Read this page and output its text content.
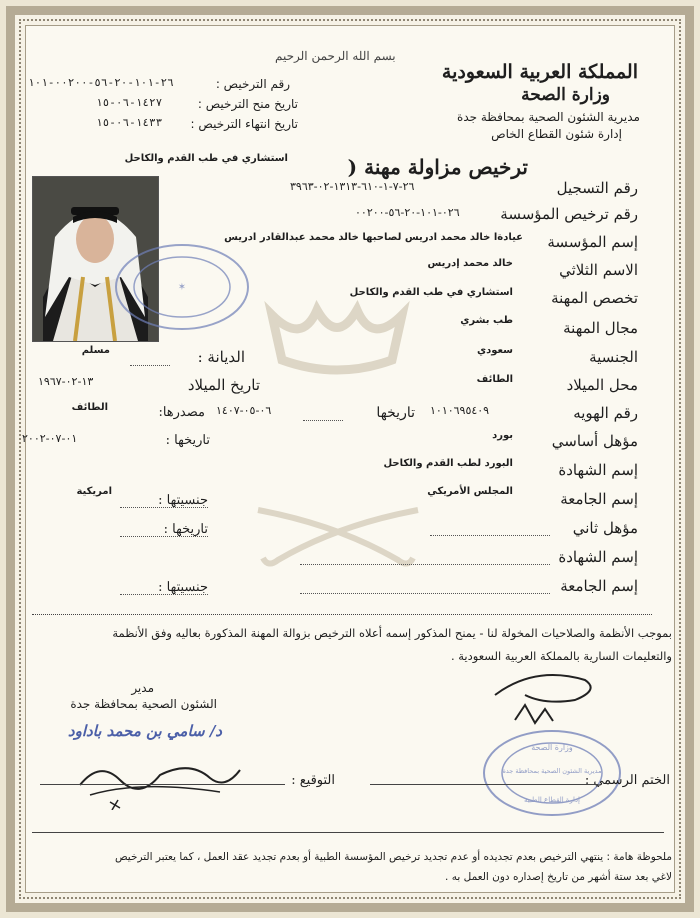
بسم الله الرحمن الرحيم
المملكة العربية السعودية
وزارة الصحة
مديرية الشئون الصحية بمحافظة جدة
إدارة شئون القطاع الخاص
رقم الترخيص :
٢٦-١٠١-٢٠-٥٦-٠٠٢٠٠-١٠١
تاريخ منح الترخيص :
١٤٢٧-٠٦-١٥
تاريخ انتهاء الترخيص :
١٤٣٣-٠٦-١٥
ترخيص مزاولة مهنة (
استشاري في طب القدم والكاحل
✶
رقم التسجيل
٢٦-٧-١-٦١٠-١٣١٣-٠٢-٣٩٦٣
رقم ترخيص المؤسسة
٠٢٦-١٠١-٢٠-٥٦-٠٠٢٠٠
إسم المؤسسة
عيادةا خالد محمد ادريس لصاحبها خالد محمد عبدالقادر ادريس
الاسم الثلاثي
خالد محمد إدريس
تخصص المهنة
استشاري في طب القدم والكاحل
مجال المهنة
طب بشري
الجنسية
سعودي
محل الميلاد
الطائف
رقم الهويه
١٠١٠٦٩٥٤٠٩
تاريخها
٠٦-٠٥-١٤٠٧
مصدرها:
الطائف
الديانة :
مسلم
تاريخ الميلاد
١٣-٠٢-١٩٦٧
مؤهل أساسي
بورد
تاريخها :
٠١-٠٧-٢٠٠٢
إسم الشهادة
البورد لطب القدم والكاحل
إسم الجامعة
المجلس الأمريكي
جنسيتها :
امريكية
مؤهل ثاني
تاريخها :
إسم الشهادة
إسم الجامعة
جنسيتها :
بموجب الأنظمة والصلاحيات المخولة لنا - يمنح المذكور إسمه أعلاه الترخيص بزوالة المهنة المذكورة بعاليه وفق الأنظمة
والتعليمات السارية بالمملكة العربية السعودية .
مدير
الشئون الصحية بمحافظة جدة
د/ سامي بن محمد باداود
وزارة الصحة
مديرية الشئون الصحية بمحافظة جدة
إدارة القطاع الطبية
الختم الرسمي :
التوقيع :
ملحوظة هامة : ينتهي الترخيص بعدم تجديده أو عدم تجديد ترخيص المؤسسة الطبية أو بعدم تجديد عقد العمل ، كما يعتبر الترخيص
لاغي بعد ستة أشهر من تاريخ إصداره دون العمل به .
